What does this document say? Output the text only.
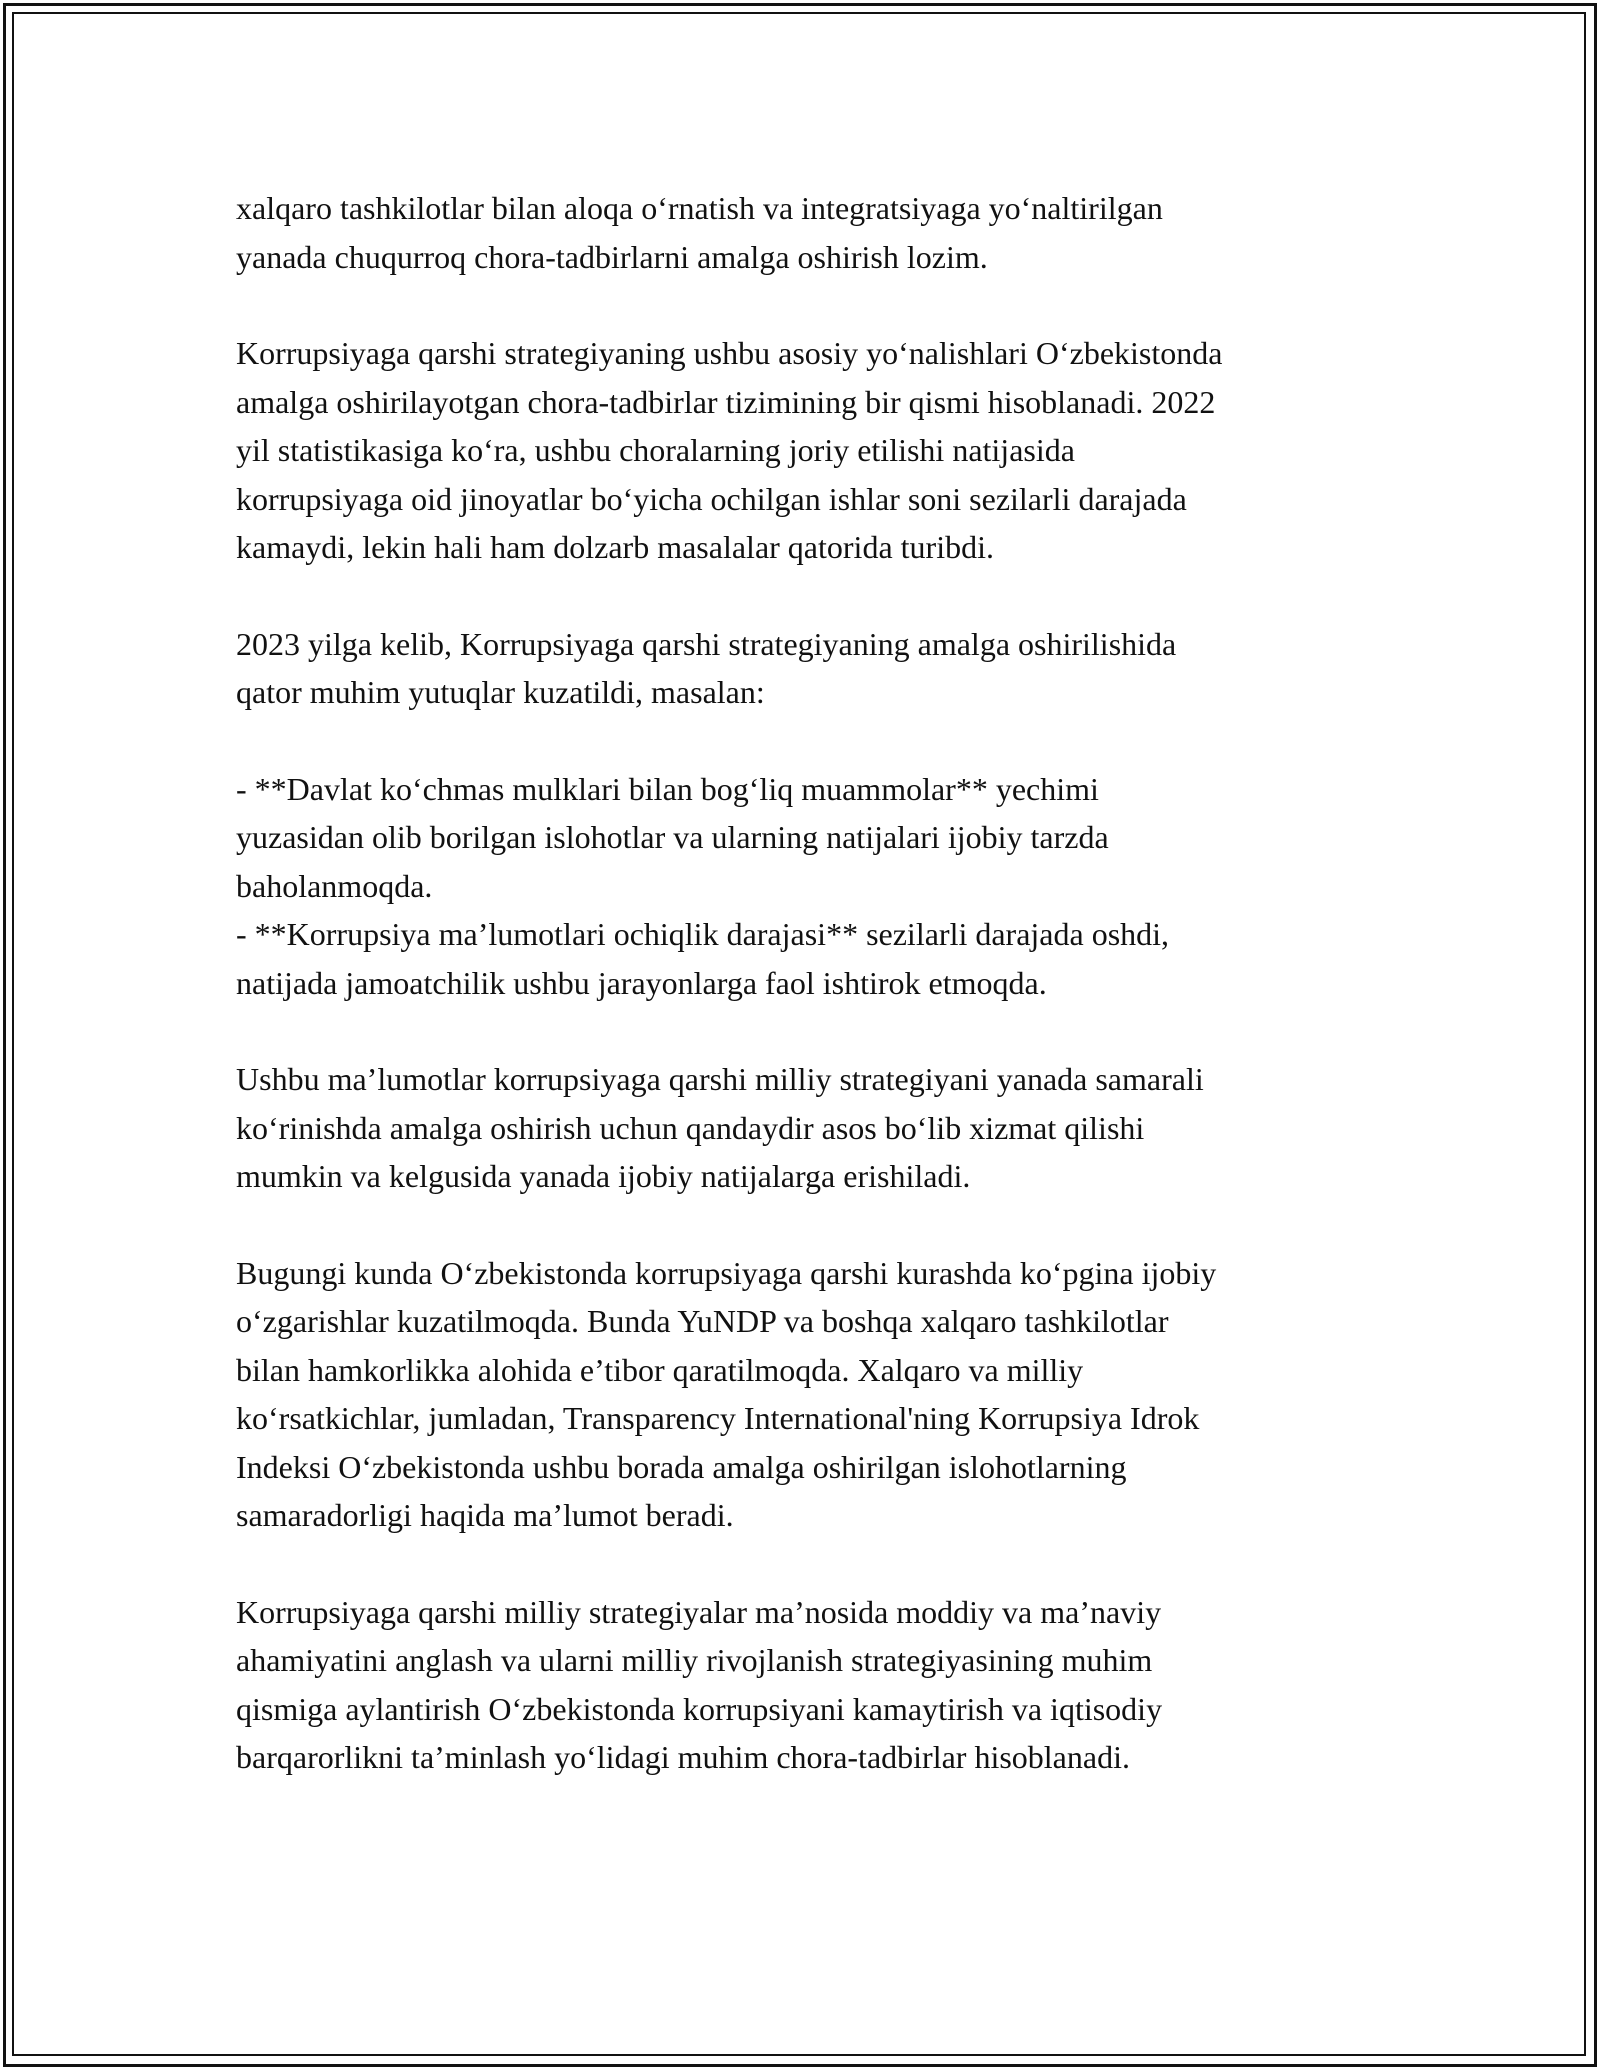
xalqaro tashkilotlar bilan aloqa o‘rnatish va integratsiyaga yo‘naltirilgan
yanada chuqurroq chora-tadbirlarni amalga oshirish lozim.

Korrupsiyaga qarshi strategiyaning ushbu asosiy yo‘nalishlari O‘zbekistonda
amalga oshirilayotgan chora-tadbirlar tizimining bir qismi hisoblanadi. 2022
yil statistikasiga ko‘ra, ushbu choralarning joriy etilishi natijasida
korrupsiyaga oid jinoyatlar bo‘yicha ochilgan ishlar soni sezilarli darajada
kamaydi, lekin hali ham dolzarb masalalar qatorida turibdi.

2023 yilga kelib, Korrupsiyaga qarshi strategiyaning amalga oshirilishida
qator muhim yutuqlar kuzatildi, masalan:

- **Davlat ko‘chmas mulklari bilan bog‘liq muammolar** yechimi
yuzasidan olib borilgan islohotlar va ularning natijalari ijobiy tarzda
baholanmoqda.
- **Korrupsiya ma’lumotlari ochiqlik darajasi** sezilarli darajada oshdi,
natijada jamoatchilik ushbu jarayonlarga faol ishtirok etmoqda.

Ushbu ma’lumotlar korrupsiyaga qarshi milliy strategiyani yanada samarali
ko‘rinishda amalga oshirish uchun qandaydir asos bo‘lib xizmat qilishi
mumkin va kelgusida yanada ijobiy natijalarga erishiladi.

Bugungi kunda O‘zbekistonda korrupsiyaga qarshi kurashda ko‘pgina ijobiy
o‘zgarishlar kuzatilmoqda. Bunda YuNDP va boshqa xalqaro tashkilotlar
bilan hamkorlikka alohida e’tibor qaratilmoqda. Xalqaro va milliy
ko‘rsatkichlar, jumladan, Transparency International'ning Korrupsiya Idrok
Indeksi O‘zbekistonda ushbu borada amalga oshirilgan islohotlarning
samaradorligi haqida ma’lumot beradi.

Korrupsiyaga qarshi milliy strategiyalar ma’nosida moddiy va ma’naviy
ahamiyatini anglash va ularni milliy rivojlanish strategiyasining muhim
qismiga aylantirish O‘zbekistonda korrupsiyani kamaytirish va iqtisodiy
barqarorlikni ta’minlash yo‘lidagi muhim chora-tadbirlar hisoblanadi.
